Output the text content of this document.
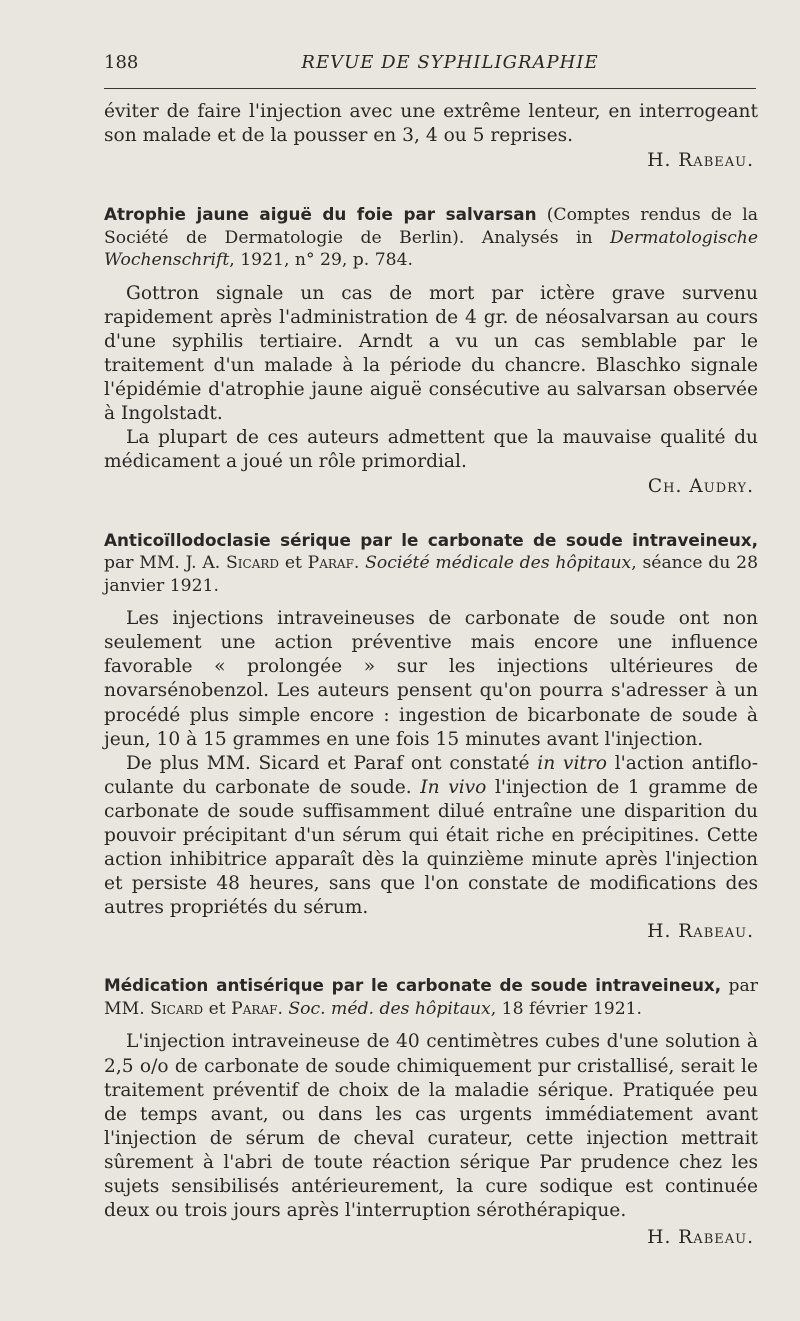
188	REVUE DE SYPHILIGRAPHIE

éviter de faire l'injection avec une extrême lenteur, en interrogeant son malade et de la pousser en 3, 4 ou 5 reprises.

H. Rabeau.

Atrophie jaune aiguë du foie par salvarsan (Comptes rendus de la Société de Dermatologie de Berlin). Analysés in Dermatologische Wochenschrift, 1921, n° 29, p. 784.

Gottron signale un cas de mort par ictère grave survenu rapidement après l'administration de 4 gr. de néosalvarsan au cours d'une syphilis tertiaire. Arndt a vu un cas semblable par le traitement d'un malade à la période du chancre. Blaschko signale l'épidémie d'atrophie jaune aiguë consécutive au salvarsan observée à Ingolstadt.

La plupart de ces auteurs admettent que la mauvaise qualité du médicament a joué un rôle primordial.

Ch. Audry.

Anticoïllodoclasie sérique par le carbonate de soude intraveineux, par MM. J. A. Sicard et Paraf. Société médicale des hôpitaux, séance du 28 janvier 1921.

Les injections intraveineuses de carbonate de soude ont non seulement une action préventive mais encore une influence favorable « prolongée » sur les injections ultérieures de novarsénobenzol. Les auteurs pensent qu'on pourra s'adresser à un procédé plus simple encore : ingestion de bicarbonate de soude à jeun, 10 à 15 grammes en une fois 15 minutes avant l'injection.

De plus MM. Sicard et Paraf ont constaté in vitro l'action antifloculante du carbonate de soude. In vivo l'injection de 1 gramme de carbonate de soude suffisamment dilué entraîne une disparition du pouvoir précipitant d'un sérum qui était riche en précipitines. Cette action inhibitrice apparaît dès la quinzième minute après l'injection et persiste 48 heures, sans que l'on constate de modifications des autres propriétés du sérum.

H. Rabeau.

Médication antisérique par le carbonate de soude intraveineux, par MM. Sicard et Paraf. Soc. méd. des hôpitaux, 18 février 1921.

L'injection intraveineuse de 40 centimètres cubes d'une solution à 2,5 o/o de carbonate de soude chimiquement pur cristallisé, serait le traitement préventif de choix de la maladie sérique. Pratiquée peu de temps avant, ou dans les cas urgents immédiatement avant l'injection de sérum de cheval curateur, cette injection mettrait sûrement à l'abri de toute réaction sérique Par prudence chez les sujets sensibilisés antérieurement, la cure sodique est continuée deux ou trois jours après l'interruption sérothérapique.

H. Rabeau.
